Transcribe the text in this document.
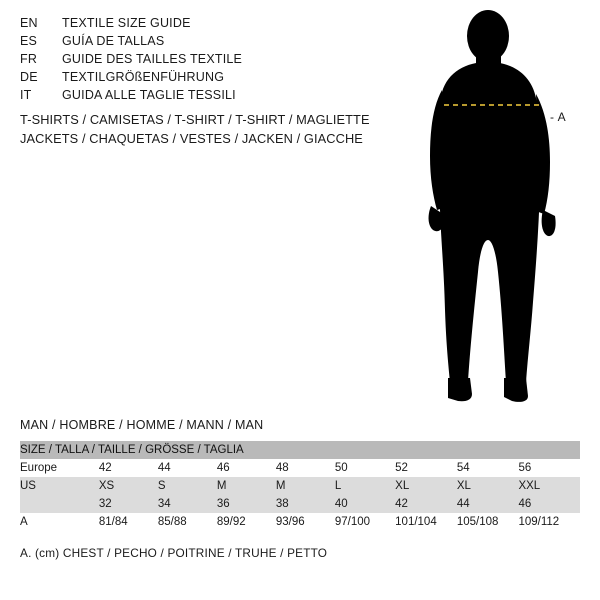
EN	TEXTILE SIZE GUIDE
ES	GUÍA DE TALLAS
FR	GUIDE DES TAILLES TEXTILE
DE	TEXTILGRÖßENFÜHRUNG
IT	GUIDA ALLE TAGLIE TESSILI
T-SHIRTS / CAMISETAS / T-SHIRT / T-SHIRT / MAGLIETTE
JACKETS / CHAQUETAS / VESTES / JACKEN / GIACCHE
- A
MAN / HOMBRE / HOMME / MANN / MAN
SIZE / TALLA / TAILLE / GRÖSSE / TAGLIA								
Europe	42	44	46	48	50	52	54	56
US	XS	S	M	M	L	XL	XL	XXL
	32	34	36	38	40	42	44	46
A	81/84	85/88	89/92	93/96	97/100	101/104	105/108	109/112
A. (cm) CHEST / PECHO / POITRINE / TRUHE / PETTO
